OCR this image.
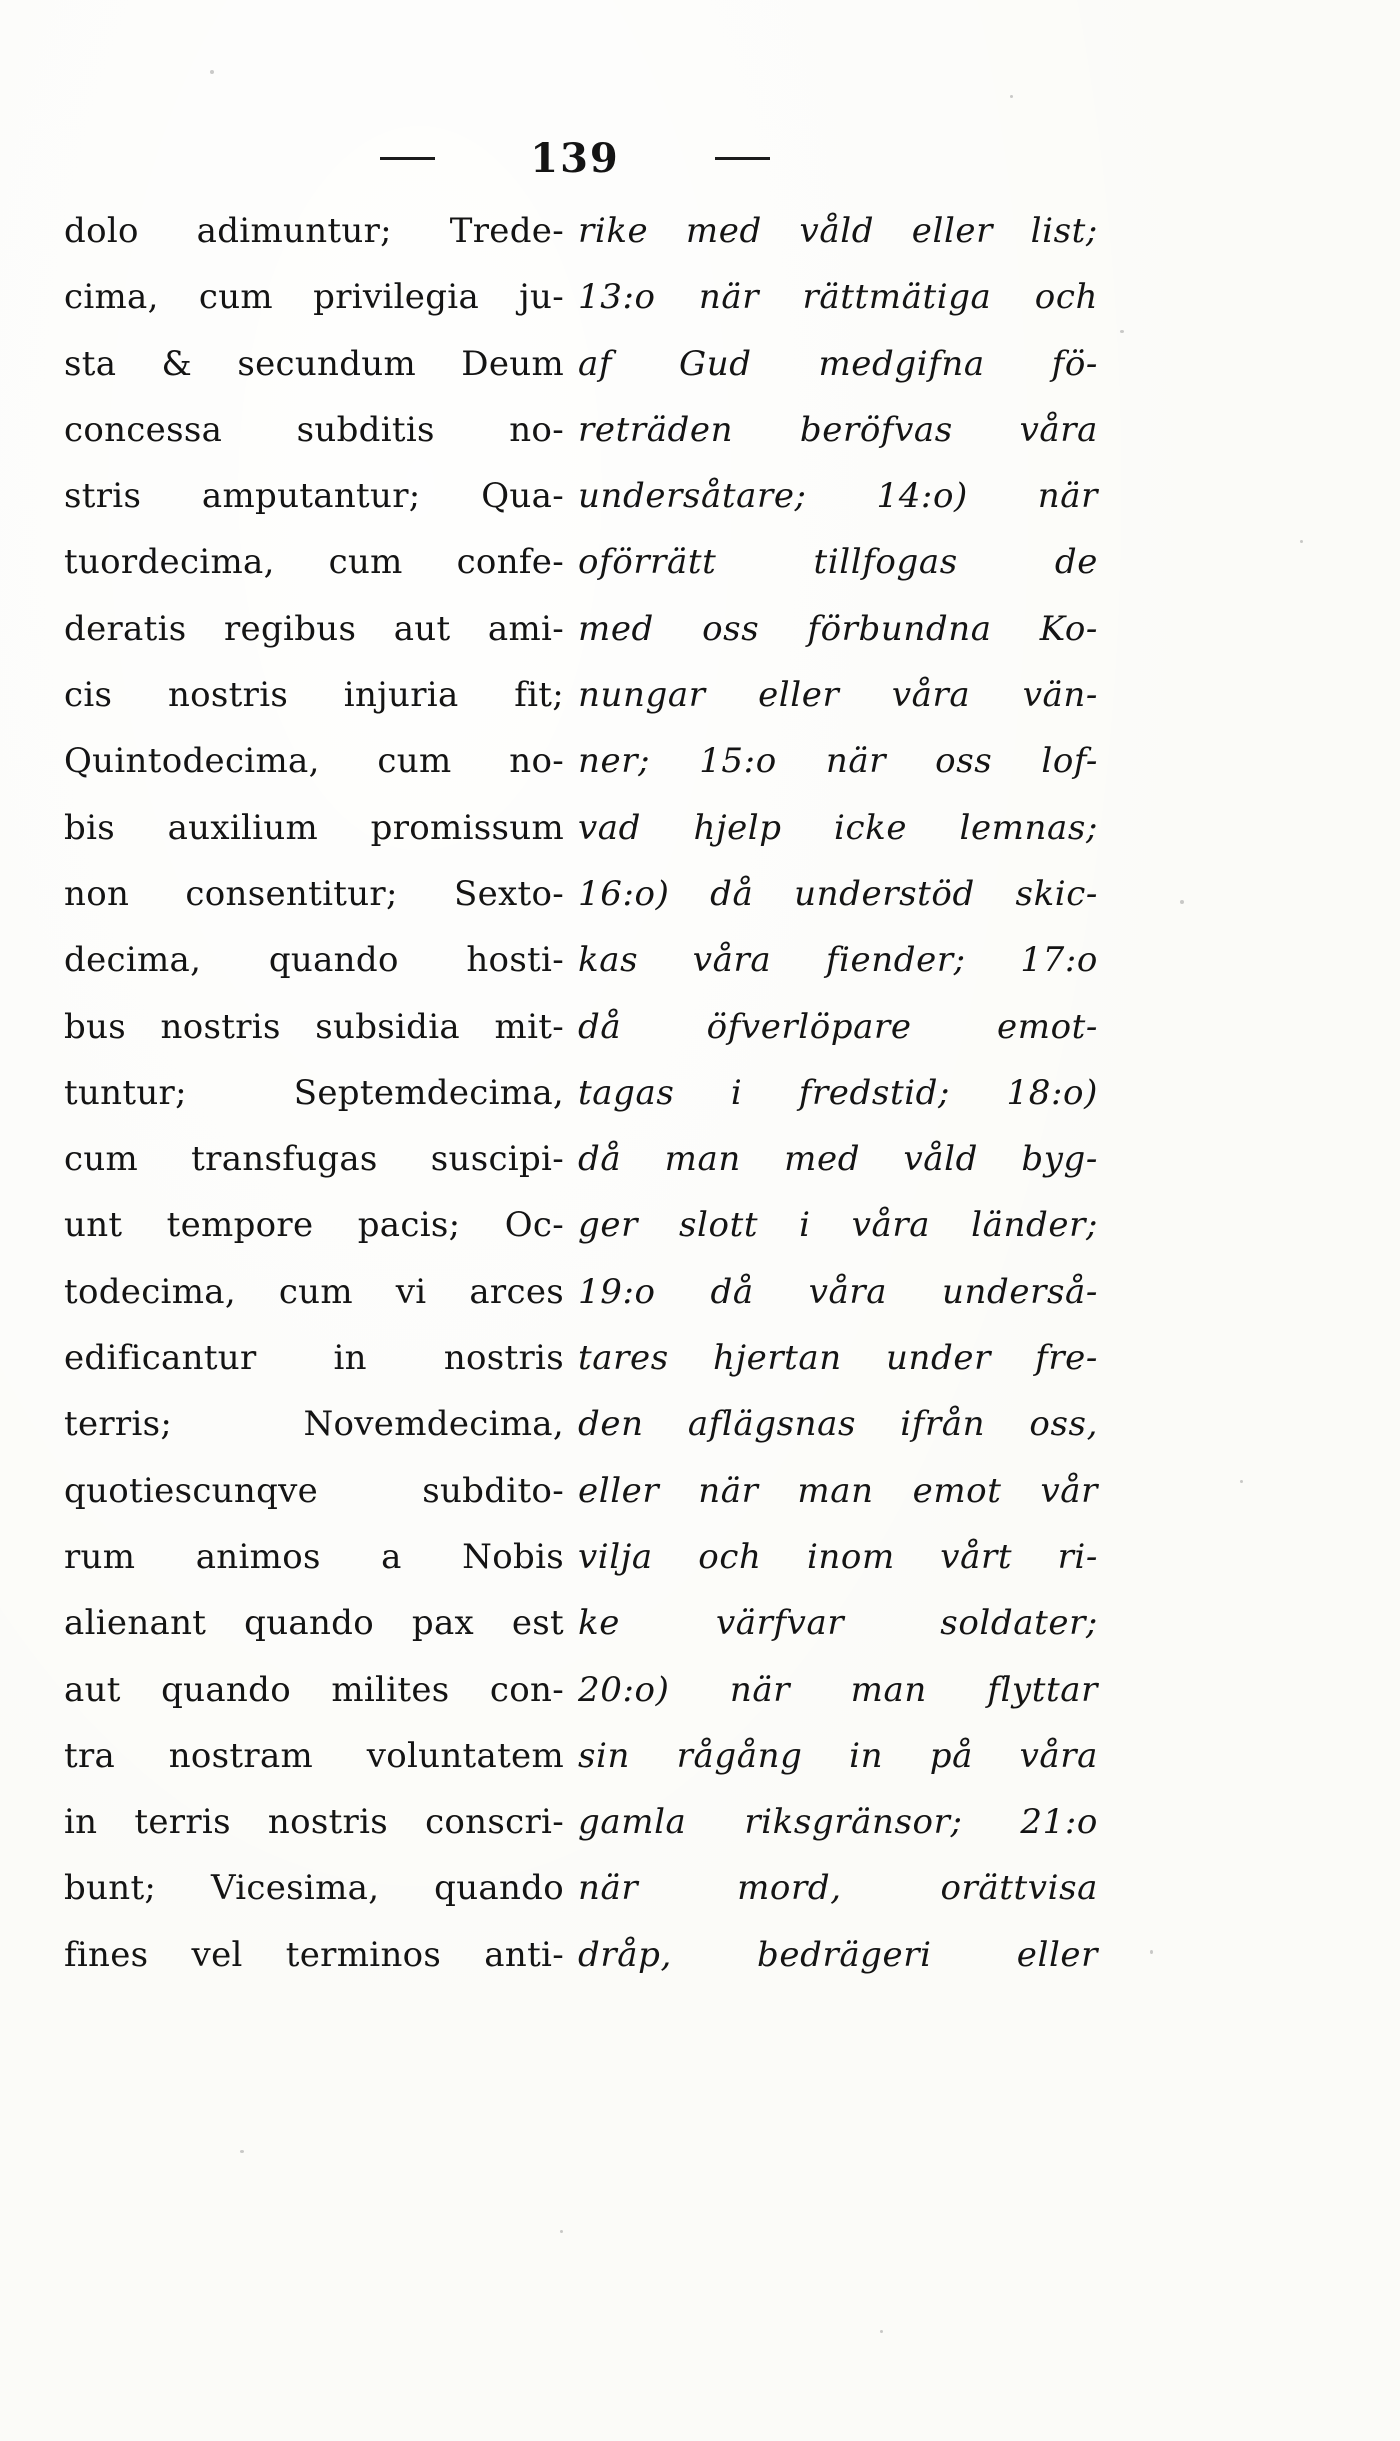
139
dolo adimuntur; Trede-
cima, cum privilegia ju-
sta & secundum Deum
concessa subditis no-
stris amputantur; Qua-
tuordecima, cum confe-
deratis regibus aut ami-
cis nostris injuria fit;
Quintodecima, cum no-
bis auxilium promissum
non consentitur; Sexto-
decima, quando hosti-
bus nostris subsidia mit-
tuntur; Septemdecima,
cum transfugas suscipi-
unt tempore pacis; Oc-
todecima, cum vi arces
edificantur in nostris
terris; Novemdecima,
quotiescunqve subdito-
rum animos a Nobis
alienant quando pax est
aut quando milites con-
tra nostram voluntatem
in terris nostris conscri-
bunt; Vicesima, quando
fines vel terminos anti-
rike med våld eller list;
13:o när rättmätiga och
af Gud medgifna fö-
reträden beröfvas våra
undersåtare; 14:o) när
oförrätt tillfogas de
med oss förbundna Ko-
nungar eller våra vän-
ner; 15:o när oss lof-
vad hjelp icke lemnas;
16:o) då understöd skic-
kas våra fiender; 17:o
då öfverlöpare emot-
tagas i fredstid; 18:o)
då man med våld byg-
ger slott i våra länder;
19:o då våra underså-
tares hjertan under fre-
den aflägsnas ifrån oss,
eller när man emot vår
vilja och inom vårt ri-
ke värfvar soldater;
20:o) när man flyttar
sin rågång in på våra
gamla riksgränsor; 21:o
när mord, orättvisa
dråp, bedrägeri eller
